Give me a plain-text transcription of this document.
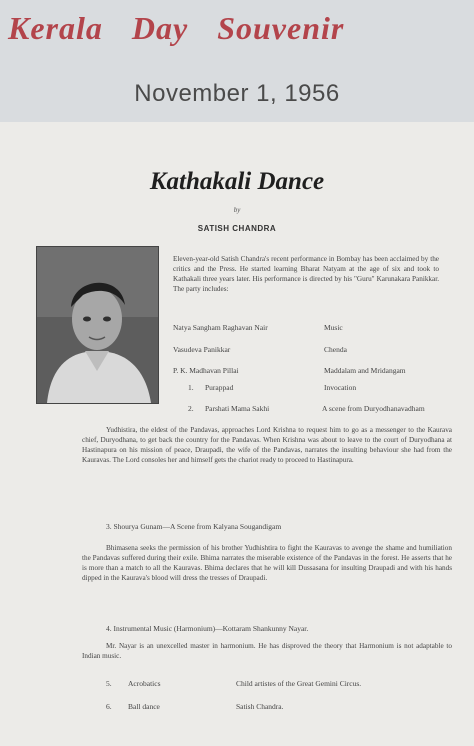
Kerala Day Souvenir
November 1, 1956
Kathakali Dance
by
SATISH CHANDRA
Eleven-year-old Satish Chandra's recent performance in Bombay has been acclaimed by the critics and the Press. He started learning Bharat Natyam at the age of six and took to Kathakali three years later. His performance is directed by his "Guru" Karunakara Panikkar. The party includes:
Natya Sangham Raghavan Nair	Music
Vasudeva Panikkar	Chenda
P. K. Madhavan Pillai	Maddalam and Mridangam
1. Purappad	Invocation
2. Parshati Mama Sakhi	A scene from Duryodhanavadham
Yudhistira, the eldest of the Pandavas, approaches Lord Krishna to request him to go as a messenger to the Kaurava chief, Duryodhana, to get back the country for the Pandavas. When Krishna was about to leave to the court of Duryodhana at Hastinapura on his mission of peace, Draupadi, the wife of the Pandavas, narrates the insulting behaviour she had from the Kauravas. The Lord consoles her and himself gets the chariot ready to proceed to Hastinapura.
3. Shourya Gunam—A Scene from Kalyana Sougandigam
Bhimasena seeks the permission of his brother Yudhishtira to fight the Kauravas to avenge the shame and humiliation the Pandavas suffered during their exile. Bhima narrates the miserable existence of the Pandavas in the forest. He asserts that he is more than a match to all the Kauravas. Bhima declares that he will kill Dussasana for insulting Draupadi and with his hands dipped in the Kaurava's blood will dress the tresses of Draupadi.
4. Instrumental Music (Harmonium)—Kottaram Shankunny Nayar.
Mr. Nayar is an unexcelled master in harmonium. He has disproved the theory that Harmonium is not adaptable to Indian music.
5. Acrobatics	Child artistes of the Great Gemini Circus.
6. Ball dance	Satish Chandra.
